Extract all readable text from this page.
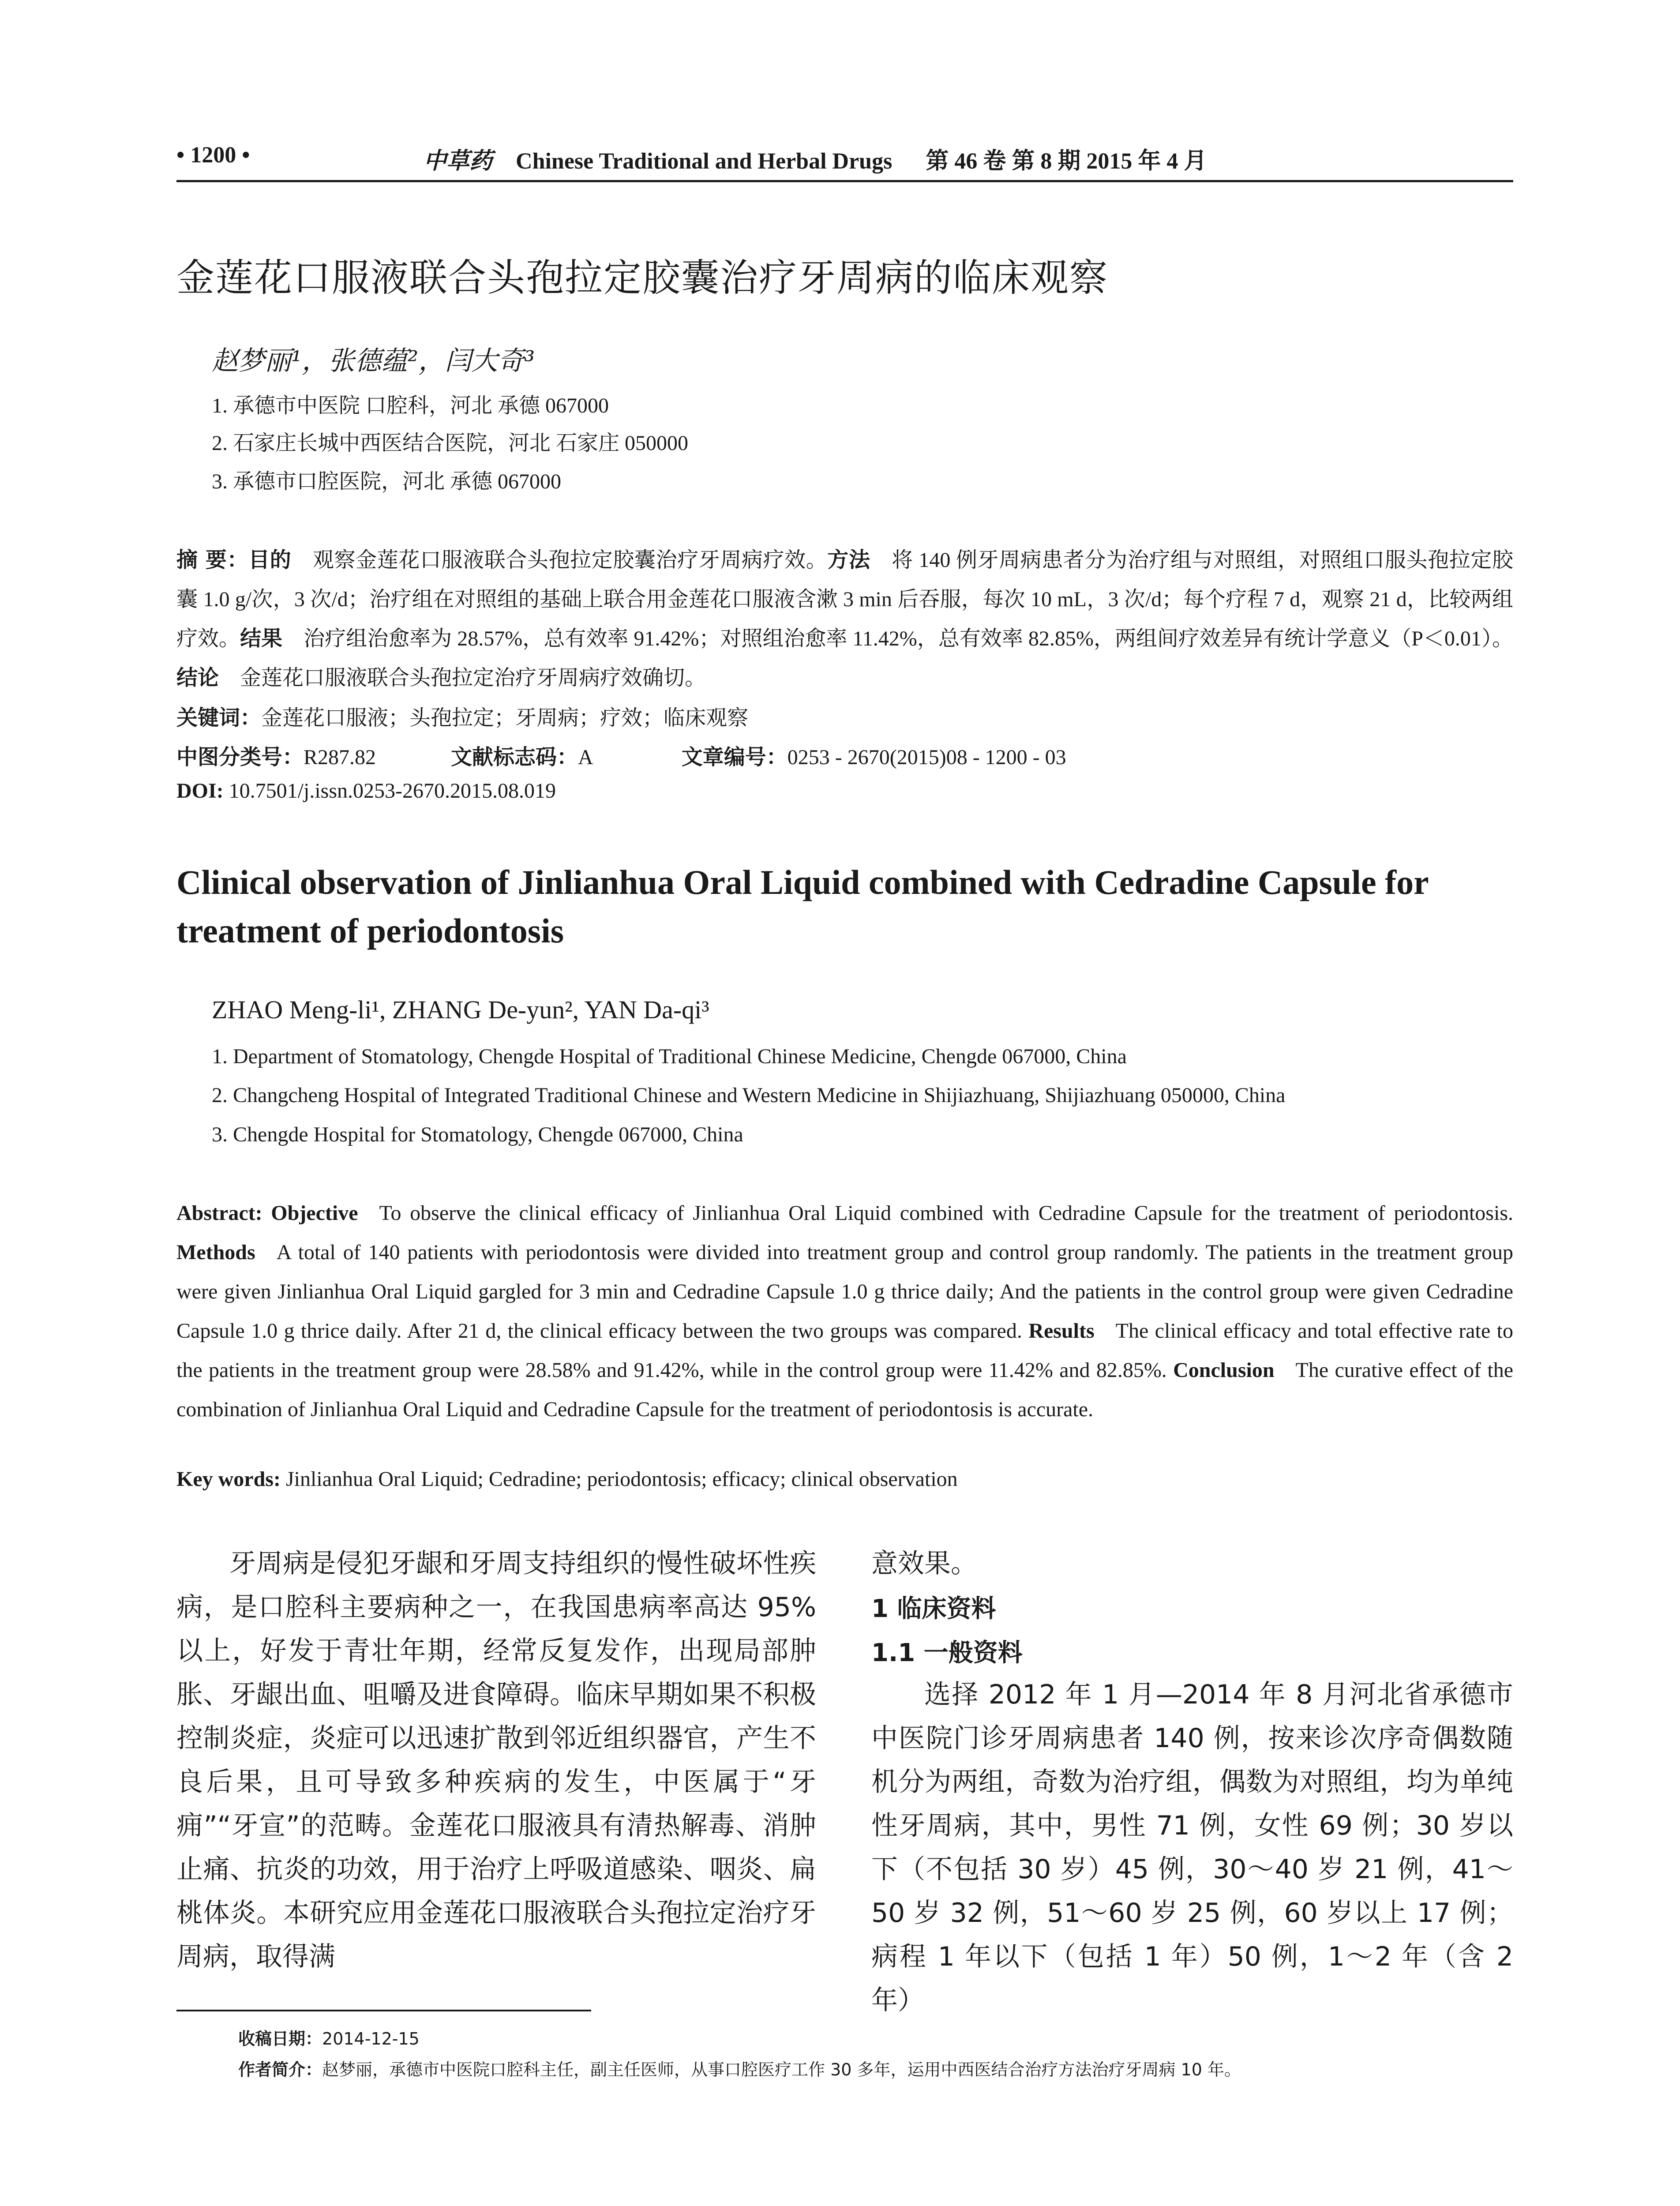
• 1200 •	中草药 Chinese Traditional and Herbal Drugs 第 46 卷 第 8 期 2015 年 4 月
金莲花口服液联合头孢拉定胶囊治疗牙周病的临床观察
赵梦丽¹，张德蕴²，闫大奇³
1. 承德市中医院 口腔科，河北 承德 067000
2. 石家庄长城中西医结合医院，河北 石家庄 050000
3. 承德市口腔医院，河北 承德 067000
摘 要：目的 观察金莲花口服液联合头孢拉定胶囊治疗牙周病疗效。方法 将 140 例牙周病患者分为治疗组与对照组，对照组口服头孢拉定胶囊 1.0 g/次，3 次/d；治疗组在对照组的基础上联合用金莲花口服液含漱 3 min 后吞服，每次 10 mL，3 次/d；每个疗程 7 d，观察 21 d，比较两组疗效。结果 治疗组治愈率为 28.57%，总有效率 91.42%；对照组治愈率 11.42%，总有效率 82.85%，两组间疗效差异有统计学意义（P＜0.01）。结论 金莲花口服液联合头孢拉定治疗牙周病疗效确切。
关键词：金莲花口服液；头孢拉定；牙周病；疗效；临床观察
中图分类号：R287.82	文献标志码：A	文章编号：0253 - 2670(2015)08 - 1200 - 03
DOI: 10.7501/j.issn.0253-2670.2015.08.019
Clinical observation of Jinlianhua Oral Liquid combined with Cedradine Capsule for treatment of periodontosis
ZHAO Meng-li¹, ZHANG De-yun², YAN Da-qi³
1. Department of Stomatology, Chengde Hospital of Traditional Chinese Medicine, Chengde 067000, China
2. Changcheng Hospital of Integrated Traditional Chinese and Western Medicine in Shijiazhuang, Shijiazhuang 050000, China
3. Chengde Hospital for Stomatology, Chengde 067000, China
Abstract: Objective To observe the clinical efficacy of Jinlianhua Oral Liquid combined with Cedradine Capsule for the treatment of periodontosis. Methods A total of 140 patients with periodontosis were divided into treatment group and control group randomly. The patients in the treatment group were given Jinlianhua Oral Liquid gargled for 3 min and Cedradine Capsule 1.0 g thrice daily; And the patients in the control group were given Cedradine Capsule 1.0 g thrice daily. After 21 d, the clinical efficacy between the two groups was compared. Results The clinical efficacy and total effective rate to the patients in the treatment group were 28.58% and 91.42%, while in the control group were 11.42% and 82.85%. Conclusion The curative effect of the combination of Jinlianhua Oral Liquid and Cedradine Capsule for the treatment of periodontosis is accurate.
Key words: Jinlianhua Oral Liquid; Cedradine; periodontosis; efficacy; clinical observation
牙周病是侵犯牙龈和牙周支持组织的慢性破坏性疾病，是口腔科主要病种之一，在我国患病率高达 95%以上，好发于青壮年期，经常反复发作，出现局部肿胀、牙龈出血、咀嚼及进食障碍。临床早期如果不积极控制炎症，炎症可以迅速扩散到邻近组织器官，产生不良后果，且可导致多种疾病的发生，中医属于“牙痈”“牙宣”的范畴。金莲花口服液具有清热解毒、消肿止痛、抗炎的功效，用于治疗上呼吸道感染、咽炎、扁桃体炎。本研究应用金莲花口服液联合头孢拉定治疗牙周病，取得满
意效果。
1 临床资料
1.1 一般资料
选择 2012 年 1 月—2014 年 8 月河北省承德市中医院门诊牙周病患者 140 例，按来诊次序奇偶数随机分为两组，奇数为治疗组，偶数为对照组，均为单纯性牙周病，其中，男性 71 例，女性 69 例；30 岁以下（不包括 30 岁）45 例，30～40 岁 21 例，41～50 岁 32 例，51～60 岁 25 例，60 岁以上 17 例；病程 1 年以下（包括 1 年）50 例，1～2 年（含 2 年）
收稿日期：2014-12-15
作者简介：赵梦丽，承德市中医院口腔科主任，副主任医师，从事口腔医疗工作 30 多年，运用中西医结合治疗方法治疗牙周病 10 年。
